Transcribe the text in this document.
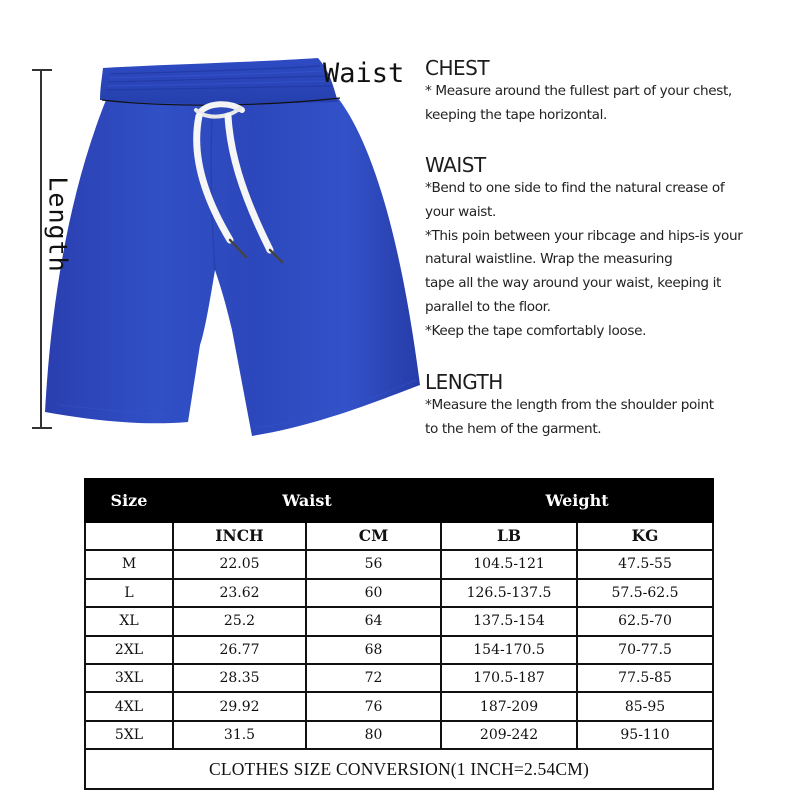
Length
Waist CHEST
* Measure around the fullest part of your chest,
keeping the tape horizontal.
WAIST
*Bend to one side to find the natural crease of
your waist.
*This poin between your ribcage and hips-is your
natural waistline. Wrap the measuring
tape all the way around your waist, keeping it
parallel to the floor.
*Keep the tape comfortably loose.
LENGTH
*Measure the length from the shoulder point
to the hem of the garment.
Size	Waist		Weight	
	INCH	CM	LB	KG
M	22.05	56	104.5-121	47.5-55
L	23.62	60	126.5-137.5	57.5-62.5
XL	25.2	64	137.5-154	62.5-70
2XL	26.77	68	154-170.5	70-77.5
3XL	28.35	72	170.5-187	77.5-85
4XL	29.92	76	187-209	85-95
5XL	31.5	80	209-242	95-110
CLOTHES SIZE CONVERSION(1 INCH=2.54CM)				
